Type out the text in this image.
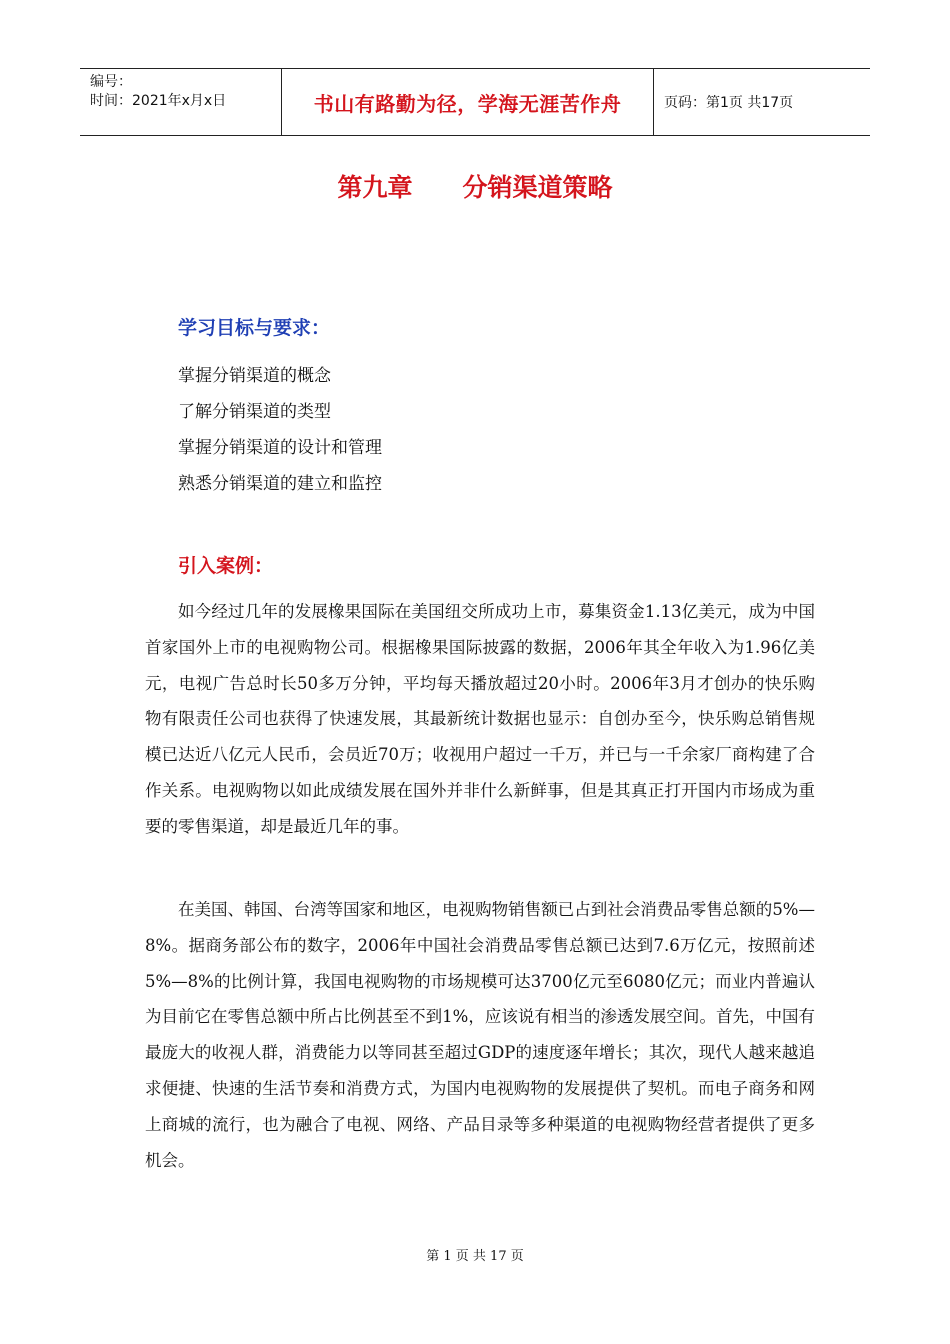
编号：
时间：2021年x月x日	书山有路勤为径，学海无涯苦作舟	页码：第1页 共17页
第九章 分销渠道策略
学习目标与要求：
掌握分销渠道的概念
了解分销渠道的类型
掌握分销渠道的设计和管理
熟悉分销渠道的建立和监控
引入案例：

如今经过几年的发展橡果国际在美国纽交所成功上市，募集资金1.13亿美元，成为中国首家国外上市的电视购物公司。根据橡果国际披露的数据，2006年其全年收入为1.96亿美元，电视广告总时长50多万分钟，平均每天播放超过20小时。2006年3月才创办的快乐购物有限责任公司也获得了快速发展，其最新统计数据也显示：自创办至今，快乐购总销售规模已达近八亿元人民币，会员近70万；收视用户超过一千万，并已与一千余家厂商构建了合作关系。电视购物以如此成绩发展在国外并非什么新鲜事，但是其真正打开国内市场成为重要的零售渠道，却是最近几年的事。

在美国、韩国、台湾等国家和地区，电视购物销售额已占到社会消费品零售总额的5%—8%。据商务部公布的数字，2006年中国社会消费品零售总额已达到7.6万亿元，按照前述5%—8%的比例计算，我国电视购物的市场规模可达3700亿元至6080亿元；而业内普遍认为目前它在零售总额中所占比例甚至不到1%，应该说有相当的渗透发展空间。首先，中国有最庞大的收视人群，消费能力以等同甚至超过GDP的速度逐年增长；其次，现代人越来越追求便捷、快速的生活节奏和消费方式，为国内电视购物的发展提供了契机。而电子商务和网上商城的流行，也为融合了电视、网络、产品目录等多种渠道的电视购物经营者提供了更多机会。

第 1 页 共 17 页
